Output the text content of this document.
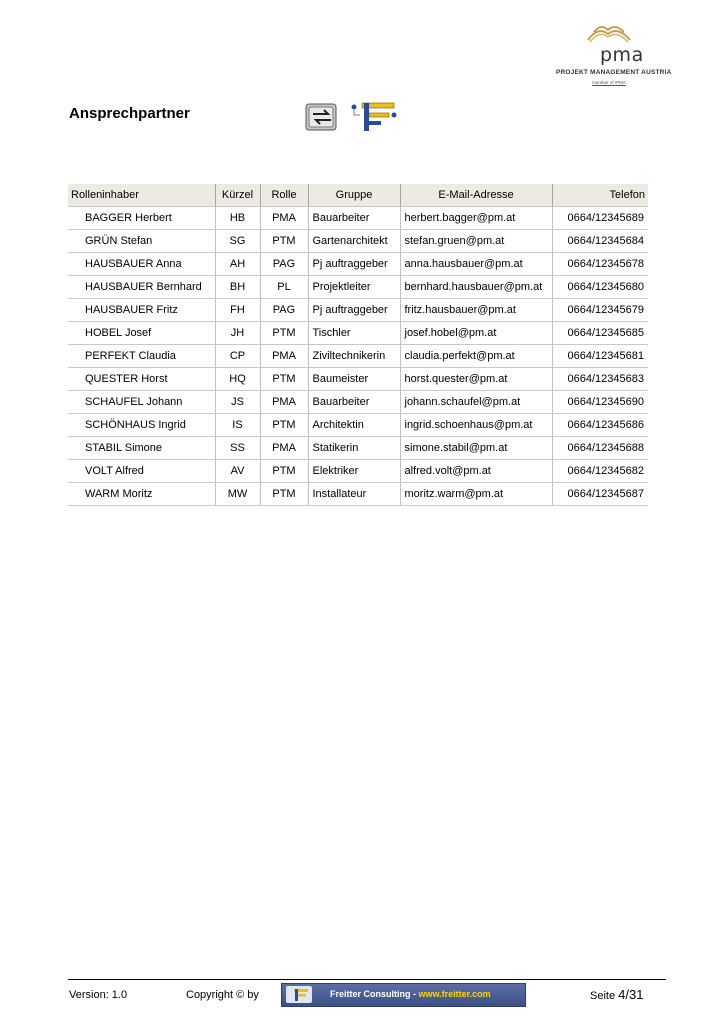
pma
PROJEKT MANAGEMENT AUSTRIA
member of IPMA
Ansprechpartner
Rolleninhaber	Kürzel	Rolle	Gruppe	E-Mail-Adresse	Telefon
BAGGER Herbert	HB	PMA	Bauarbeiter	herbert.bagger@pm.at	0664/12345689
GRÜN Stefan	SG	PTM	Gartenarchitekt	stefan.gruen@pm.at	0664/12345684
HAUSBAUER Anna	AH	PAG	Pj auftraggeber	anna.hausbauer@pm.at	0664/12345678
HAUSBAUER Bernhard	BH	PL	Projektleiter	bernhard.hausbauer@pm.at	0664/12345680
HAUSBAUER Fritz	FH	PAG	Pj auftraggeber	fritz.hausbauer@pm.at	0664/12345679
HOBEL Josef	JH	PTM	Tischler	josef.hobel@pm.at	0664/12345685
PERFEKT Claudia	CP	PMA	Ziviltechnikerin	claudia.perfekt@pm.at	0664/12345681
QUESTER Horst	HQ	PTM	Baumeister	horst.quester@pm.at	0664/12345683
SCHAUFEL Johann	JS	PMA	Bauarbeiter	johann.schaufel@pm.at	0664/12345690
SCHÖNHAUS Ingrid	IS	PTM	Architektin	ingrid.schoenhaus@pm.at	0664/12345686
STABIL Simone	SS	PMA	Statikerin	simone.stabil@pm.at	0664/12345688
VOLT Alfred	AV	PTM	Elektriker	alfred.volt@pm.at	0664/12345682
WARM Moritz	MW	PTM	Installateur	moritz.warm@pm.at	0664/12345687
Version: 1.0	Copyright © by	Freitter Consulting - www.freitter.com	Seite 4/31
